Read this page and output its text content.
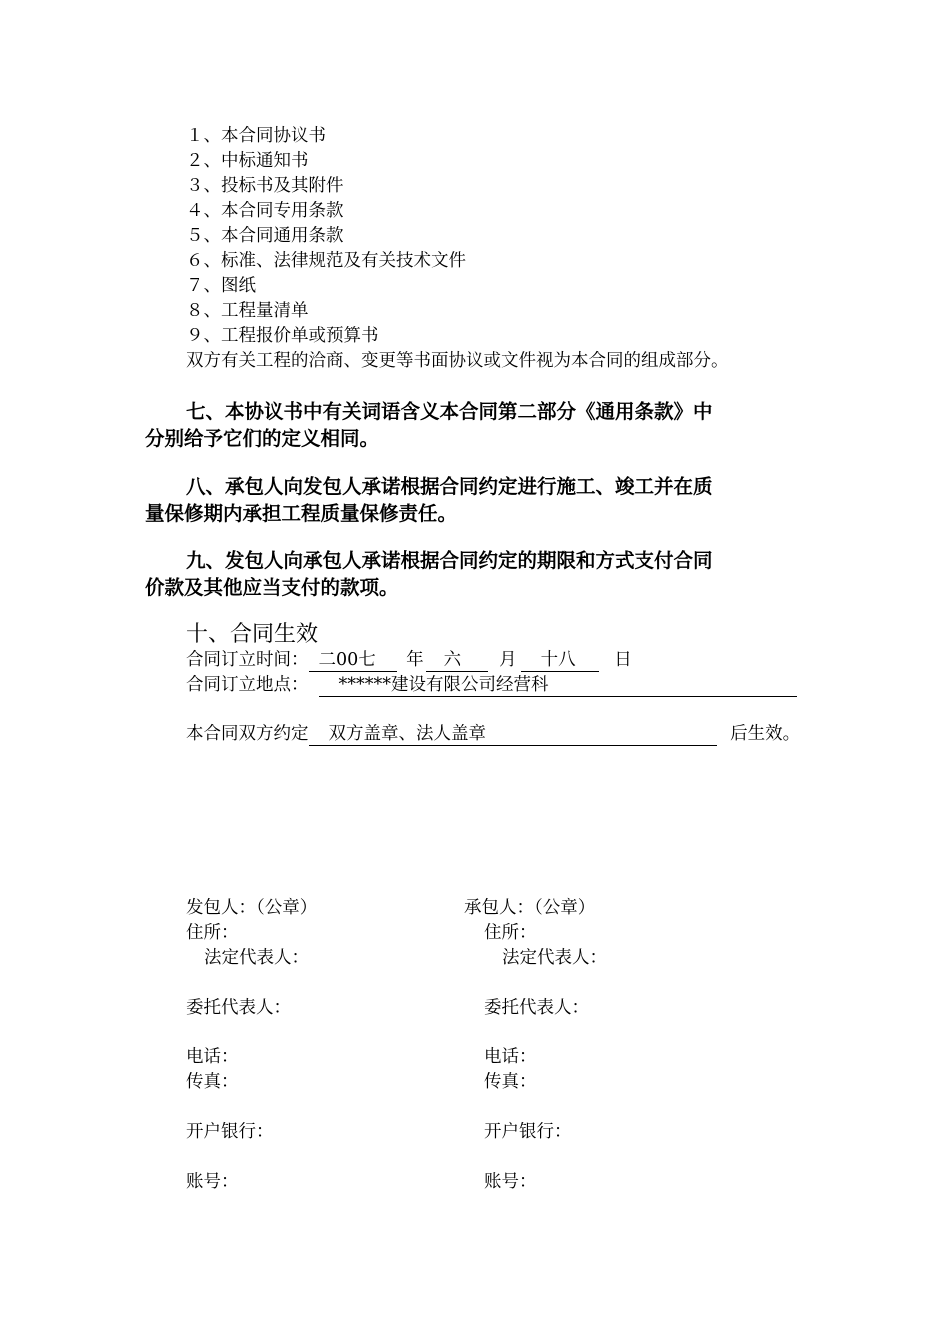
１、本合同协议书
２、中标通知书
３、投标书及其附件
４、本合同专用条款
５、本合同通用条款
６、标准、法律规范及有关技术文件
７、图纸
８、工程量清单
９、工程报价单或预算书
双方有关工程的洽商、变更等书面协议或文件视为本合同的组成部分。
七、本协议书中有关词语含义本合同第二部分《通用条款》中
分别给予它们的定义相同。
八、承包人向发包人承诺根据合同约定进行施工、竣工并在质
量保修期内承担工程质量保修责任。
九、发包人向承包人承诺根据合同约定的期限和方式支付合同
价款及其他应当支付的款项。
十、合同生效
合同订立时间： 二00七 年 六 月 十八 日
合同订立地点： ******建设有限公司经营科
本合同双方约定 双方盖章、法人盖章	后生效。
发包人：（公章）
住所：
法定代表人：
委托代表人：
电话：
传真：
开户银行：
账号：
承包人：（公章）
住所：
法定代表人：
委托代表人：
电话：
传真：
开户银行：
账号：
